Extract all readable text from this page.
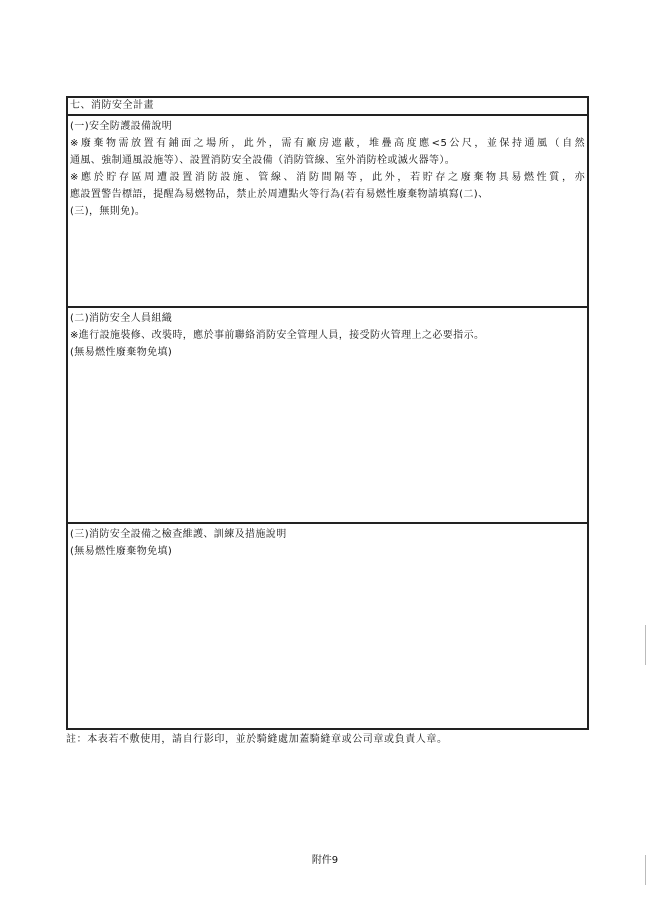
七、消防安全計畫

(一)安全防護設備說明

※廢棄物需放置有鋪面之場所，此外，需有廠房遮蔽，堆疊高度應<5公尺，並保持通風（自然

通風、強制通風設施等）、設置消防安全設備（消防管線、室外消防栓或滅火器等）。

※應於貯存區周遭設置消防設施、管線、消防間隔等，此外，若貯存之廢棄物具易燃性質，亦

應設置警告標語，提醒為易燃物品，禁止於周遭點火等行為(若有易燃性廢棄物請填寫(二)、

(三)，無則免)。

(二)消防安全人員組織

※進行設施裝修、改裝時，應於事前聯絡消防安全管理人員，接受防火管理上之必要指示。

(無易燃性廢棄物免填)

(三)消防安全設備之檢查維護、訓練及措施說明

(無易燃性廢棄物免填)

註：本表若不敷使用，請自行影印，並於騎縫處加蓋騎縫章或公司章或負責人章。
附件9
